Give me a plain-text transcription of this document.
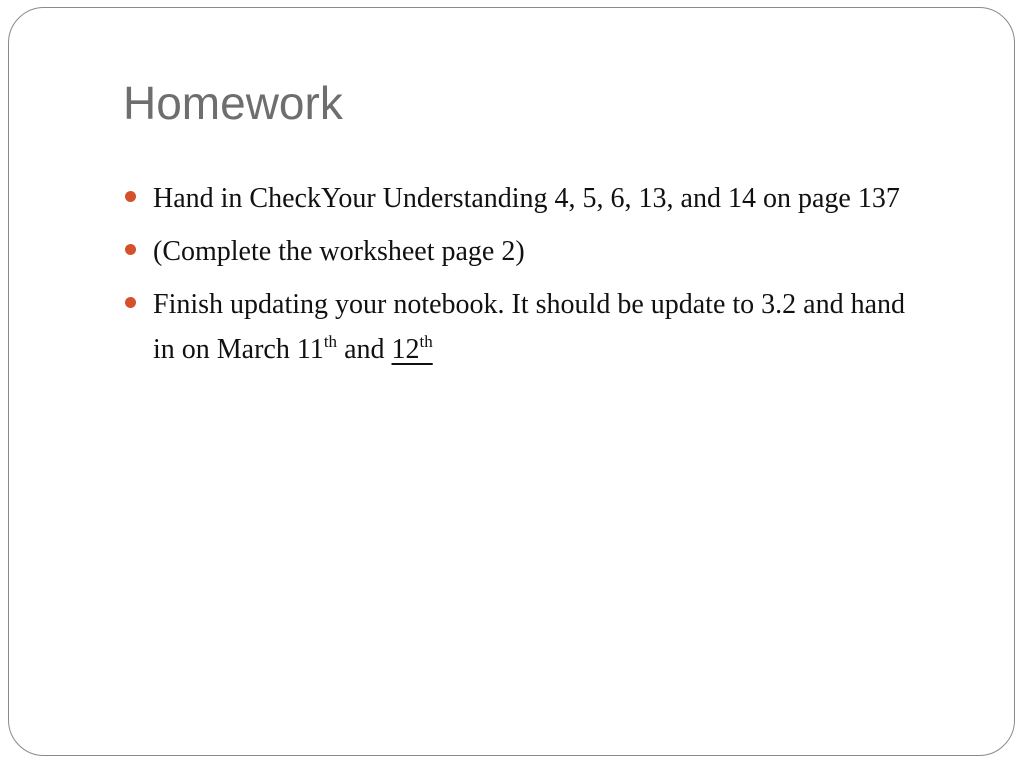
Homework
Hand in CheckYour Understanding 4, 5, 6, 13, and 14 on page 137
(Complete the worksheet page 2)
Finish updating your notebook. It should be update to 3.2 and hand in on March 11th and 12th
